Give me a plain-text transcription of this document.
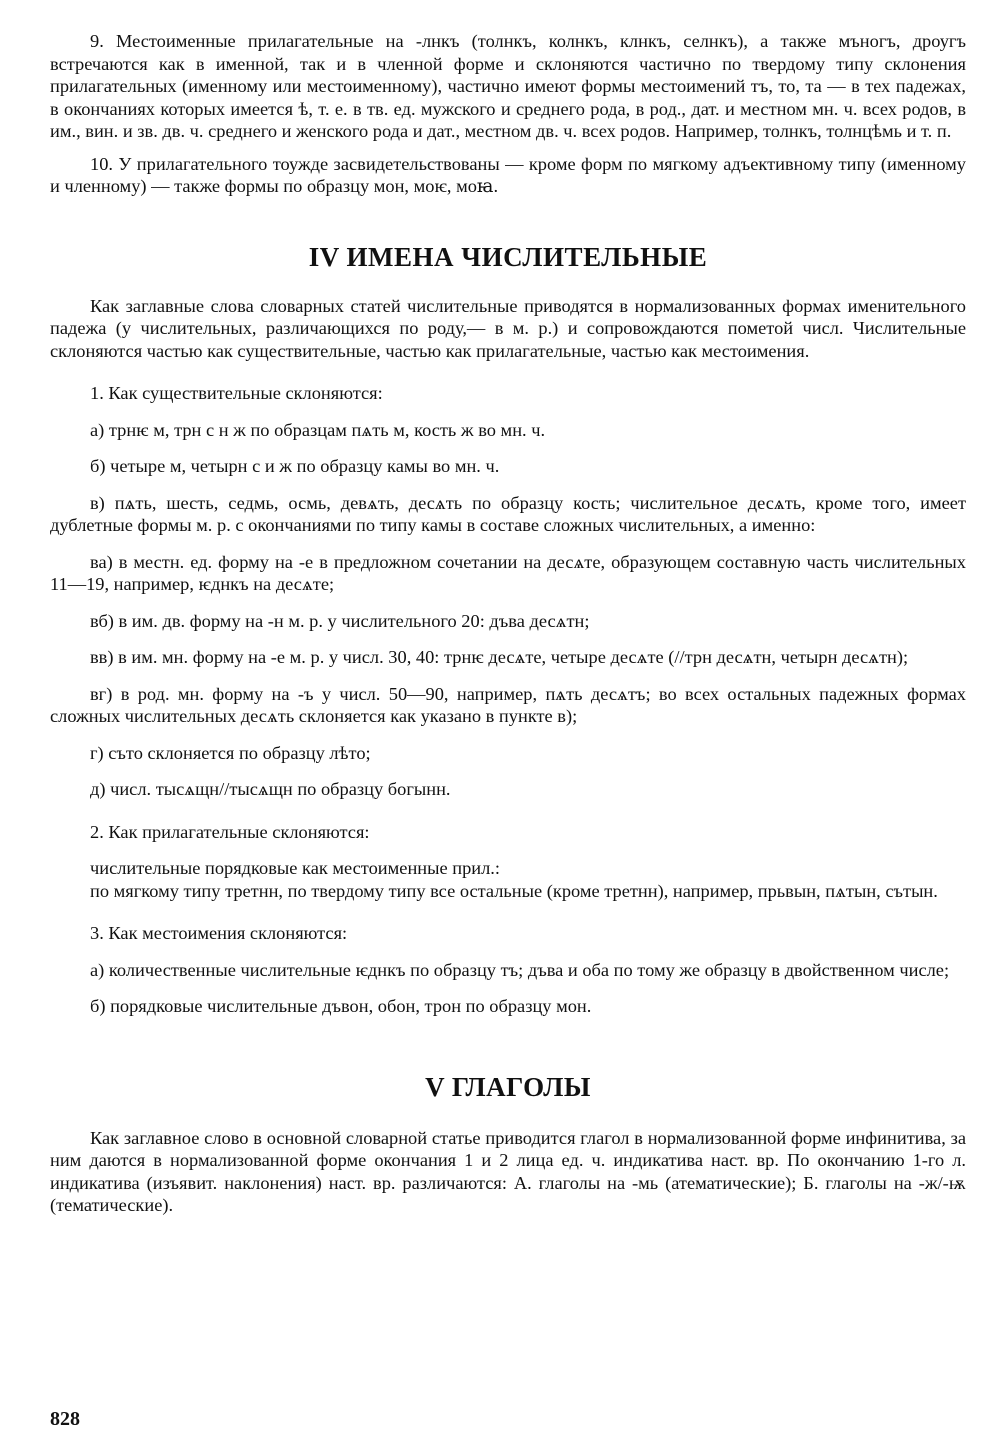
9. Местоименные прилагательные на -лнкъ (толнкъ, колнкъ, клнкъ, селнкъ), а также мъногъ, дроугъ встречаются как в именной, так и в членной форме и склоняются частично по твердому типу склонения прилагательных (именному или местоименному), частично имеют формы местоимений тъ, то, та — в тех падежах, в окончаниях которых имеется ѣ, т. е. в тв. ед. мужского и среднего рода, в род., дат. и местном мн. ч. всех родов, в им., вин. и зв. дв. ч. среднего и женского рода и дат., местном дв. ч. всех родов. Например, толнкъ, толнцѣмь и т. п.

10. У прилагательного тоужде засвидетельствованы — кроме форм по мягкому адъективному типу (именному и членному) — также формы по образцу мон, моѥ, моꙗ.

IV ИМЕНА ЧИСЛИТЕЛЬНЫЕ

Как заглавные слова словарных статей числительные приводятся в нормализованных формах именительного падежа (у числительных, различающихся по роду,— в м. р.) и сопровождаются пометой числ. Числительные склоняются частью как существительные, частью как прилагательные, частью как местоимения.

1. Как существительные склоняются:

а) трнѥ м, трн с н ж по образцам пѧть м, кость ж во мн. ч.

б) четыре м, четырн с и ж по образцу камы во мн. ч.

в) пѧть, шесть, седмь, осмь, девѧть, десѧть по образцу кость; числительное десѧть, кроме того, имеет дублетные формы м. р. с окончаниями по типу камы в составе сложных числительных, а именно:

ва) в местн. ед. форму на -е в предложном сочетании на десѧте, образующем составную часть числительных 11—19, например, ѥднкъ на десѧте;

вб) в им. дв. форму на -н м. р. у числительного 20: дъва десѧтн;

вв) в им. мн. форму на -е м. р. у числ. 30, 40: трнѥ десѧте, четыре десѧте (//трн десѧтн, четырн десѧтн);

вг) в род. мн. форму на -ъ у числ. 50—90, например, пѧть десѧтъ; во всех остальных падежных формах сложных числительных десѧть склоняется как указано в пункте в);

г) съто склоняется по образцу лѣто;

д) числ. тысѧщн//тысѧщн по образцу богынн.

2. Как прилагательные склоняются:

числительные порядковые как местоименные прил.:

по мягкому типу третнн, по твердому типу все остальные (кроме третнн), например, прьвын, пѧтын, сътын.

3. Как местоимения склоняются:

а) количественные числительные ѥднкъ по образцу тъ; дъва и оба по тому же образцу в двойственном числе;

б) порядковые числительные дъвон, обон, трон по образцу мон.

V ГЛАГОЛЫ

Как заглавное слово в основной словарной статье приводится глагол в нормализованной форме инфинитива, за ним даются в нормализованной форме окончания 1 и 2 лица ед. ч. индикатива наст. вр. По окончанию 1-го л. индикатива (изъявит. наклонения) наст. вр. различаются: А. глаголы на -мь (атематические); Б. глаголы на -ж/-ѭ (тематические).

828
